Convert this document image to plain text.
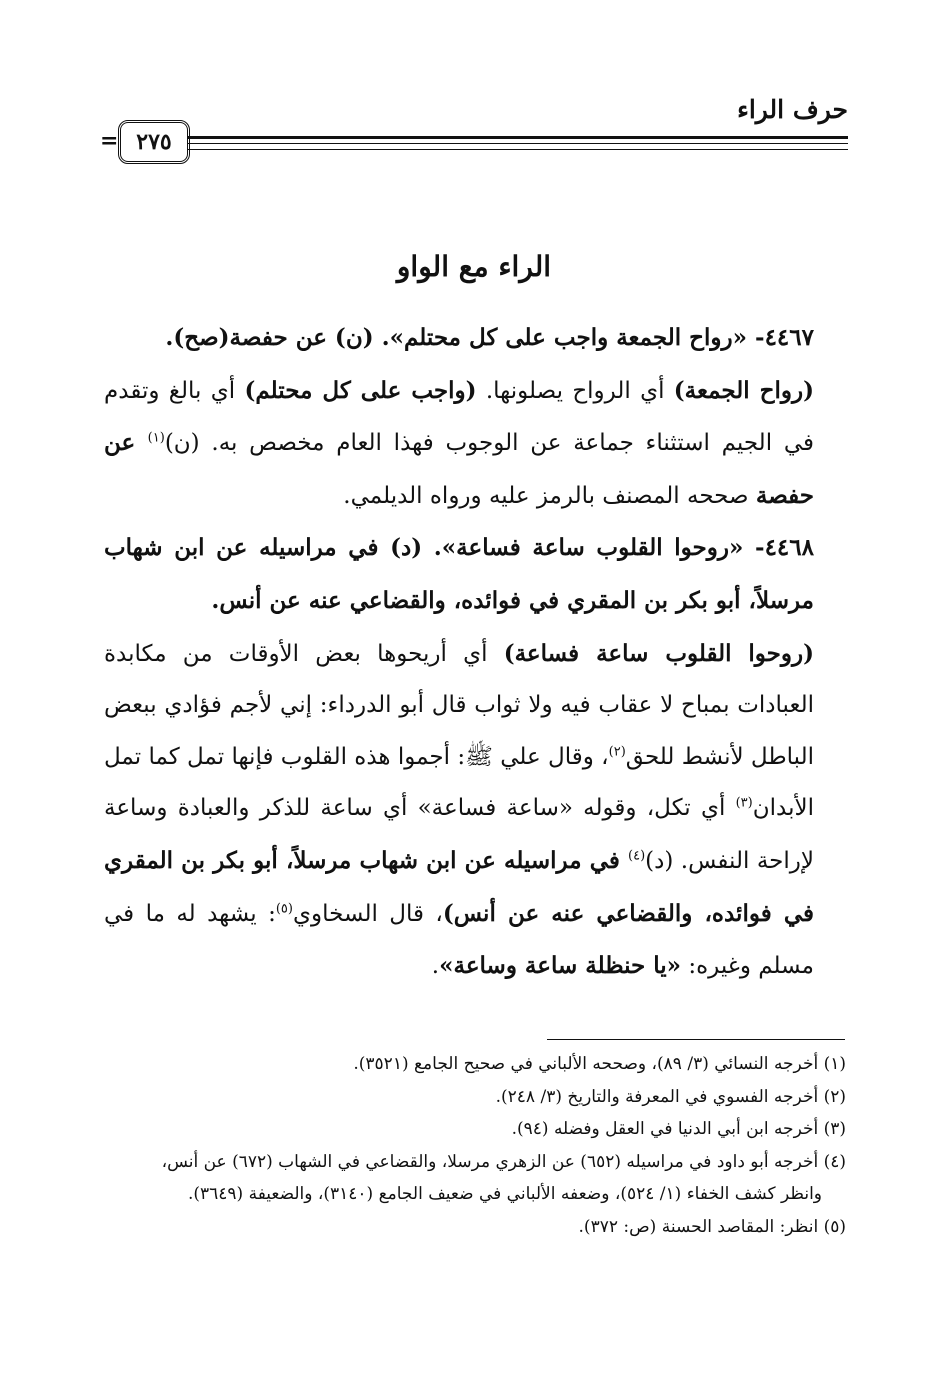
حرف الراء
٢٧٥
=
الراء مع الواو

٤٤٦٧- «رواح الجمعة واجب على كل محتلم». (ن) عن حفصة(صح).

(رواح الجمعة) أي الرواح يصلونها. (واجب على كل محتلم) أي بالغ وتقدم في الجيم استثناء جماعة عن الوجوب فهذا العام مخصص به. (ن)$^{(١)}$ عن حفصة صححه المصنف بالرمز عليه ورواه الديلمي.

٤٤٦٨- «روحوا القلوب ساعة فساعة». (د) في مراسيله عن ابن شهاب مرسلاً، أبو بكر بن المقري في فوائده، والقضاعي عنه عن أنس.

(روحوا القلوب ساعة فساعة) أي أريحوها بعض الأوقات من مكابدة العبادات بمباح لا عقاب فيه ولا ثواب قال أبو الدرداء: إني لأجم فؤادي ببعض الباطل لأنشط للحق$^{(٢)}$، وقال علي ﷺ: أجموا هذه القلوب فإنها تمل كما تمل الأبدان$^{(٣)}$ أي تكل، وقوله «ساعة فساعة» أي ساعة للذكر والعبادة وساعة لإراحة النفس. (د)$^{(٤)}$ في مراسيله عن ابن شهاب مرسلاً، أبو بكر بن المقري في فوائده، والقضاعي عنه عن أنس)، قال السخاوي$^{(٥)}$: يشهد له ما في مسلم وغيره: «يا حنظلة ساعة وساعة».

(١) أخرجه النسائي (٣/ ٨٩)، وصححه الألباني في صحيح الجامع (٣٥٢١).

(٢) أخرجه الفسوي في المعرفة والتاريخ (٣/ ٢٤٨).

(٣) أخرجه ابن أبي الدنيا في العقل وفضله (٩٤).

(٤) أخرجه أبو داود في مراسيله (٦٥٢) عن الزهري مرسلا، والقضاعي في الشهاب (٦٧٢) عن أنس،

وانظر كشف الخفاء (١/ ٥٢٤)، وضعفه الألباني في ضعيف الجامع (٣١٤٠)، والضعيفة (٣٦٤٩).

(٥) انظر: المقاصد الحسنة (ص: ٣٧٢).
